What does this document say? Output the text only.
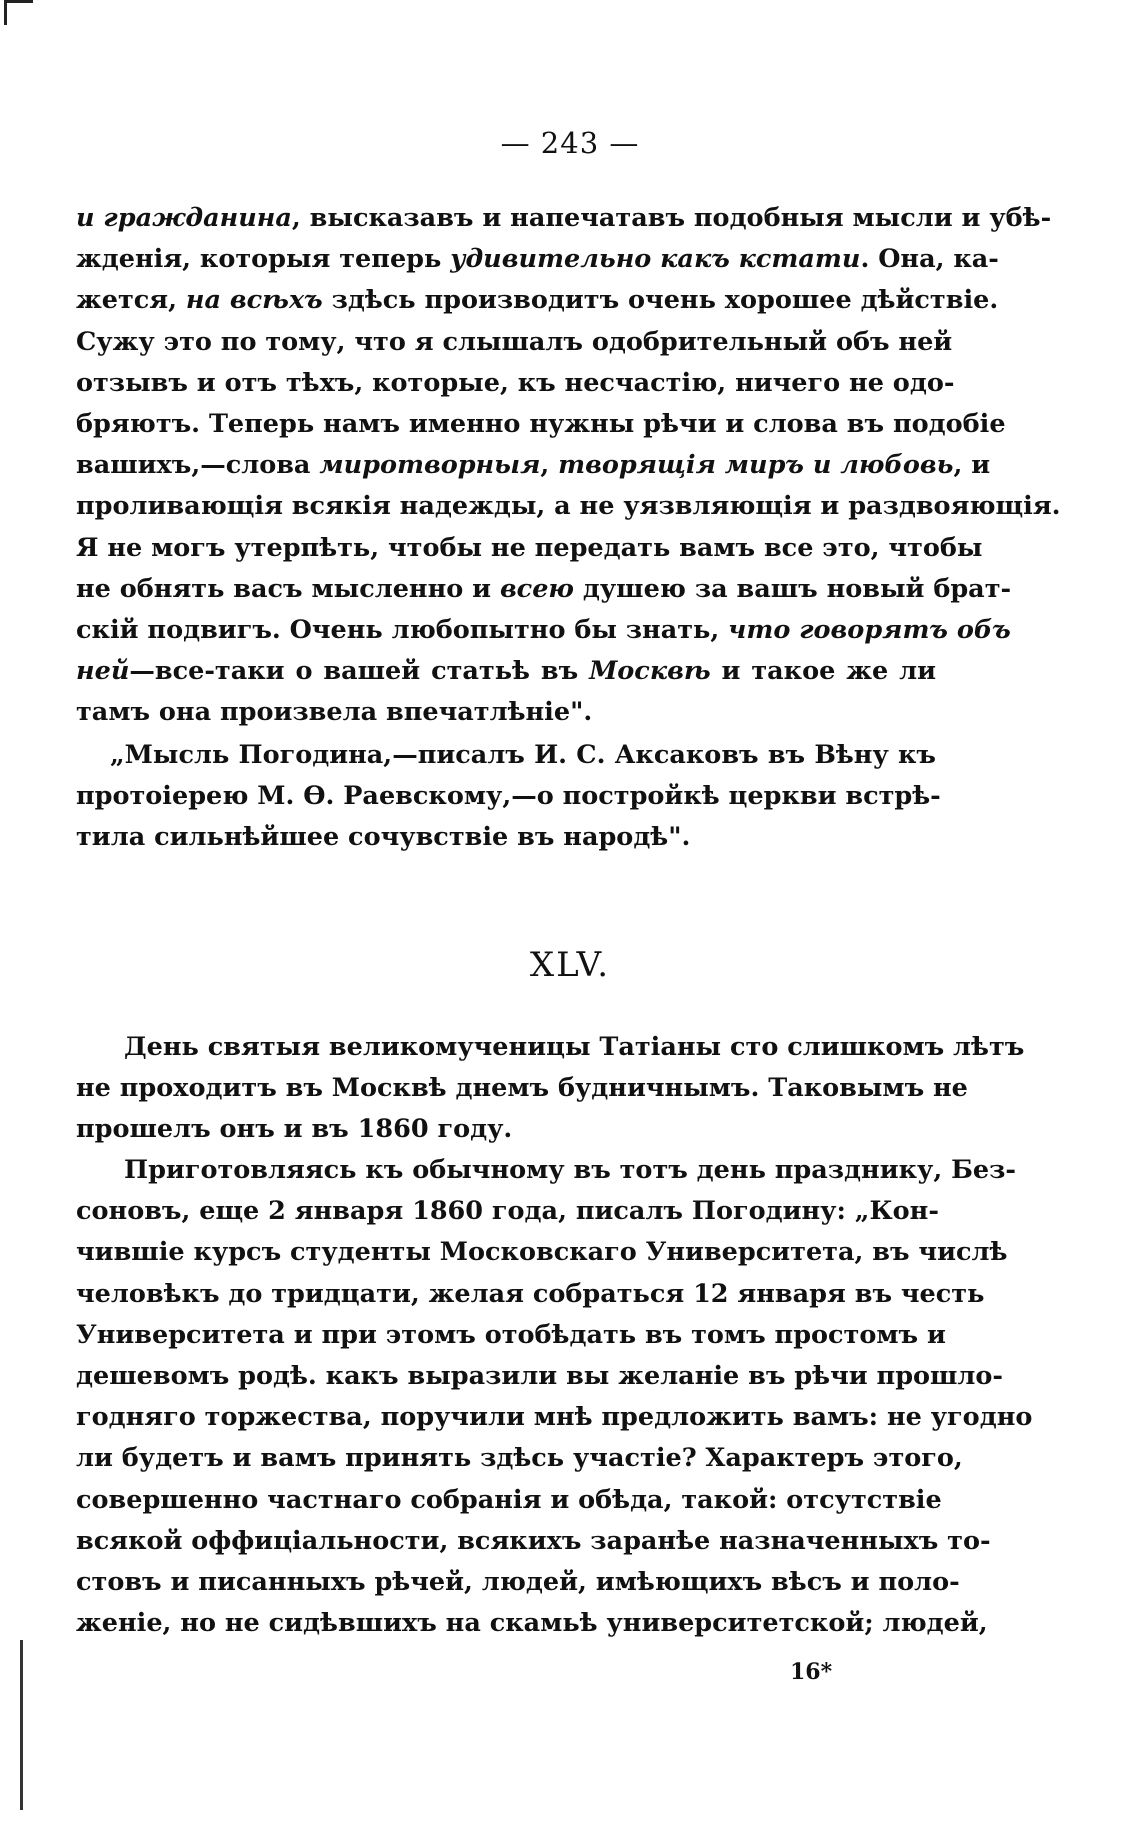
— 243 —
и гражданина, высказавъ и напечатавъ подобныя мысли и убѣ-
жденія, которыя теперь удивительно какъ кстати. Она, ка-
жется, на всѣхъ здѣсь производитъ очень хорошее дѣйствіе.
Сужу это по тому, что я слышалъ одобрительный объ ней
отзывъ и отъ тѣхъ, которые, къ несчастію, ничего не одо-
бряютъ. Теперь намъ именно нужны рѣчи и слова въ подобіе
вашихъ,—слова миротворныя, творящія миръ и любовь, и
проливающія всякія надежды, а не уязвляющія и раздвояющія.
Я не могъ утерпѣть, чтобы не передать вамъ все это, чтобы
не обнять васъ мысленно и всею душею за вашъ новый брат-
скій подвигъ. Очень любопытно бы знать, что говорятъ объ
ней—все-таки о вашей статьѣ въ Москвѣ и такое же ли
тамъ она произвела впечатлѣніе".
„Мысль Погодина,—писалъ И. С. Аксаковъ въ Вѣну къ
протоіерею М. Ѳ. Раевскому,—о постройкѣ церкви встрѣ-
тила сильнѣйшее сочувствіе въ народѣ".
XLV.
День святыя великомученицы Татіаны сто слишкомъ лѣтъ
не проходитъ въ Москвѣ днемъ будничнымъ. Таковымъ не
прошелъ онъ и въ 1860 году.
Приготовляясь къ обычному въ тотъ день празднику, Без-
соновъ, еще 2 января 1860 года, писалъ Погодину: „Кон-
чившіе курсъ студенты Московскаго Университета, въ числѣ
человѣкъ до тридцати, желая собраться 12 января въ честь
Университета и при этомъ отобѣдать въ томъ простомъ и
дешевомъ родѣ. какъ выразили вы желаніе въ рѣчи прошло-
годняго торжества, поручили мнѣ предложить вамъ: не угодно
ли будетъ и вамъ принять здѣсь участіе? Характеръ этого,
совершенно частнаго собранія и обѣда, такой: отсутствіе
всякой оффиціальности, всякихъ заранѣе назначенныхъ то-
стовъ и писанныхъ рѣчей, людей, имѣющихъ вѣсъ и поло-
женіе, но не сидѣвшихъ на скамьѣ университетской; людей,
16*
